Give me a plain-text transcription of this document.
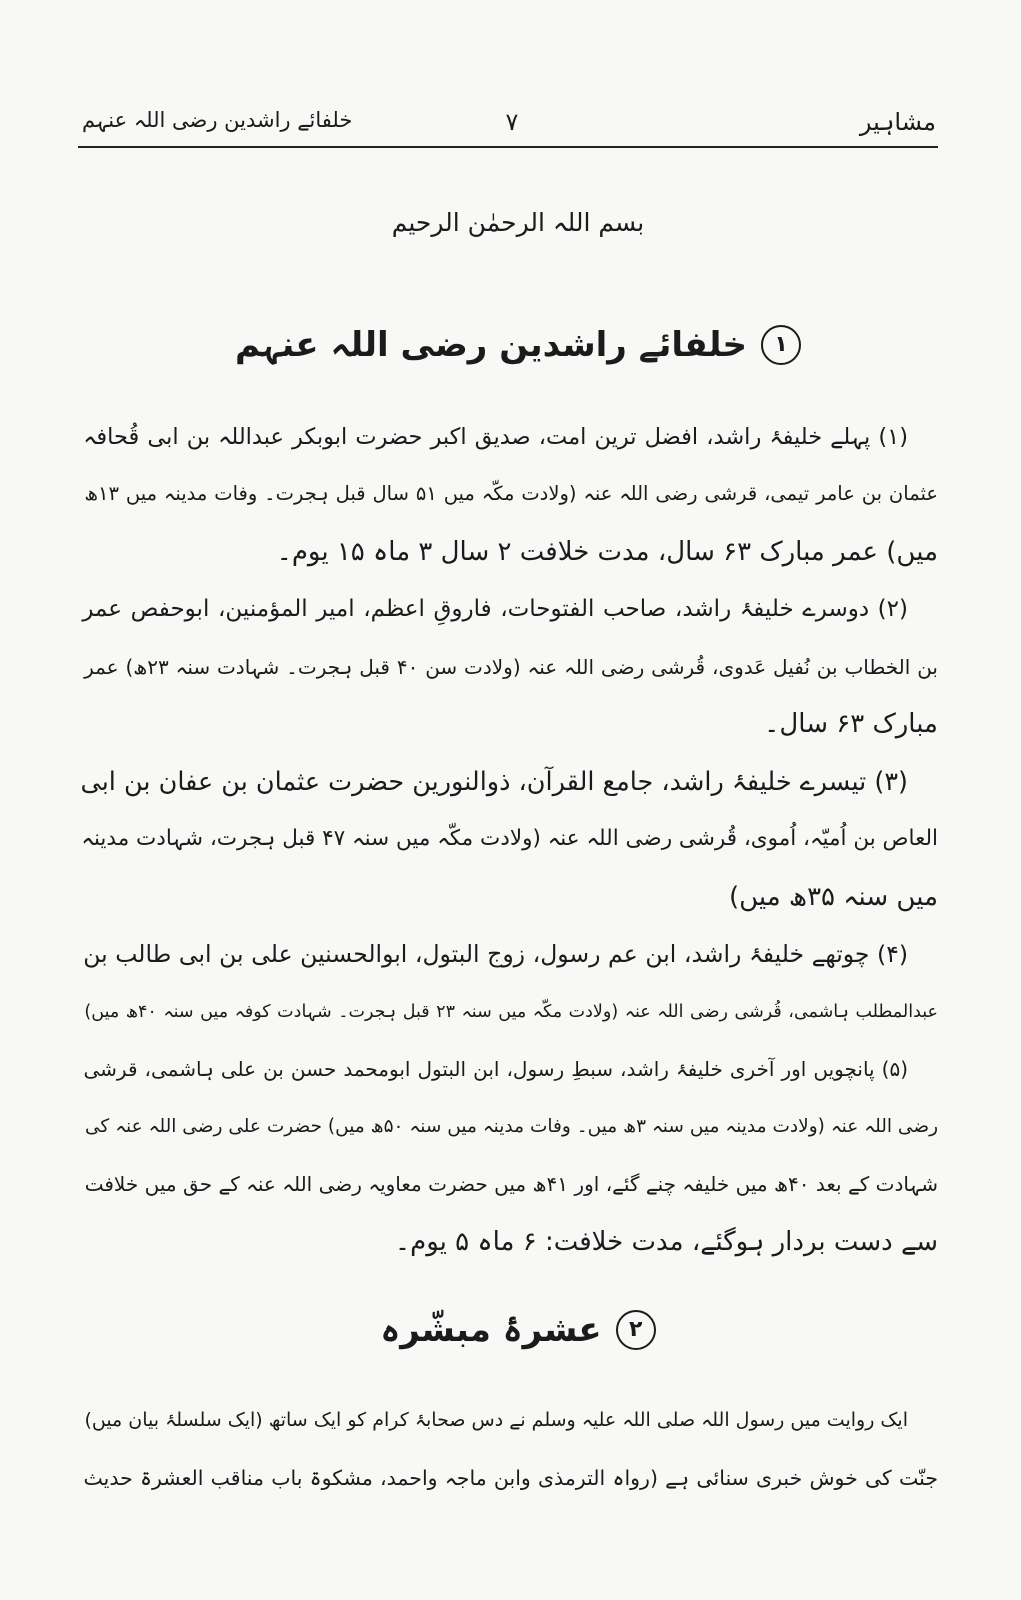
مشاہیر
۷
خلفائے راشدین رضی اللہ عنہم
بسم اللہ الرحمٰن الرحیم
۱
خلفائے راشدین رضی اللہ عنہم
(۱) پہلے خلیفۂ راشد، افضل ترین امت، صدیق اکبر حضرت ابوبکر عبداللہ بن ابی قُحافہ
عثمان بن عامر تیمی، قرشی رضی اللہ عنہ (ولادت مکّہ میں ۵۱ سال قبل ہجرت۔ وفات مدینہ میں ۱۳ھ
میں) عمر مبارک ۶۳ سال، مدت خلافت ۲ سال ۳ ماہ ۱۵ یوم۔
(۲) دوسرے خلیفۂ راشد، صاحب الفتوحات، فاروقِ اعظم، امیر المؤمنین، ابوحفص عمر
بن الخطاب بن نُفیل عَدوی، قُرشی رضی اللہ عنہ (ولادت سن ۴۰ قبل ہجرت۔ شہادت سنہ ۲۳ھ) عمر
مبارک ۶۳ سال۔
(۳) تیسرے خلیفۂ راشد، جامع القرآن، ذوالنورین حضرت عثمان بن عفان بن ابی
العاص بن اُمیّہ، اُموی، قُرشی رضی اللہ عنہ (ولادت مکّہ میں سنہ ۴۷ قبل ہجرت، شہادت مدینہ
میں سنہ ۳۵ھ میں)
(۴) چوتھے خلیفۂ راشد، ابن عم رسول، زوج البتول، ابوالحسنین علی بن ابی طالب بن
عبدالمطلب ہاشمی، قُرشی رضی اللہ عنہ (ولادت مکّہ میں سنہ ۲۳ قبل ہجرت۔ شہادت کوفہ میں سنہ ۴۰ھ میں)
(۵) پانچویں اور آخری خلیفۂ راشد، سبطِ رسول، ابن البتول ابومحمد حسن بن علی ہاشمی، قرشی
رضی اللہ عنہ (ولادت مدینہ میں سنہ ۳ھ میں۔ وفات مدینہ میں سنہ ۵۰ھ میں) حضرت علی رضی اللہ عنہ کی
شہادت کے بعد ۴۰ھ میں خلیفہ چنے گئے، اور ۴۱ھ میں حضرت معاویہ رضی اللہ عنہ کے حق میں خلافت
سے دست بردار ہوگئے، مدت خلافت: ۶ ماہ ۵ یوم۔
۲
عشرۂ مبشّرہ
ایک روایت میں رسول اللہ صلی اللہ علیہ وسلم نے دس صحابۂ کرام کو ایک ساتھ (ایک سلسلۂ بیان میں)
جنّت کی خوش خبری سنائی ہے (رواہ الترمذی وابن ماجہ واحمد، مشکوۃ باب مناقب العشرۃ حدیث
